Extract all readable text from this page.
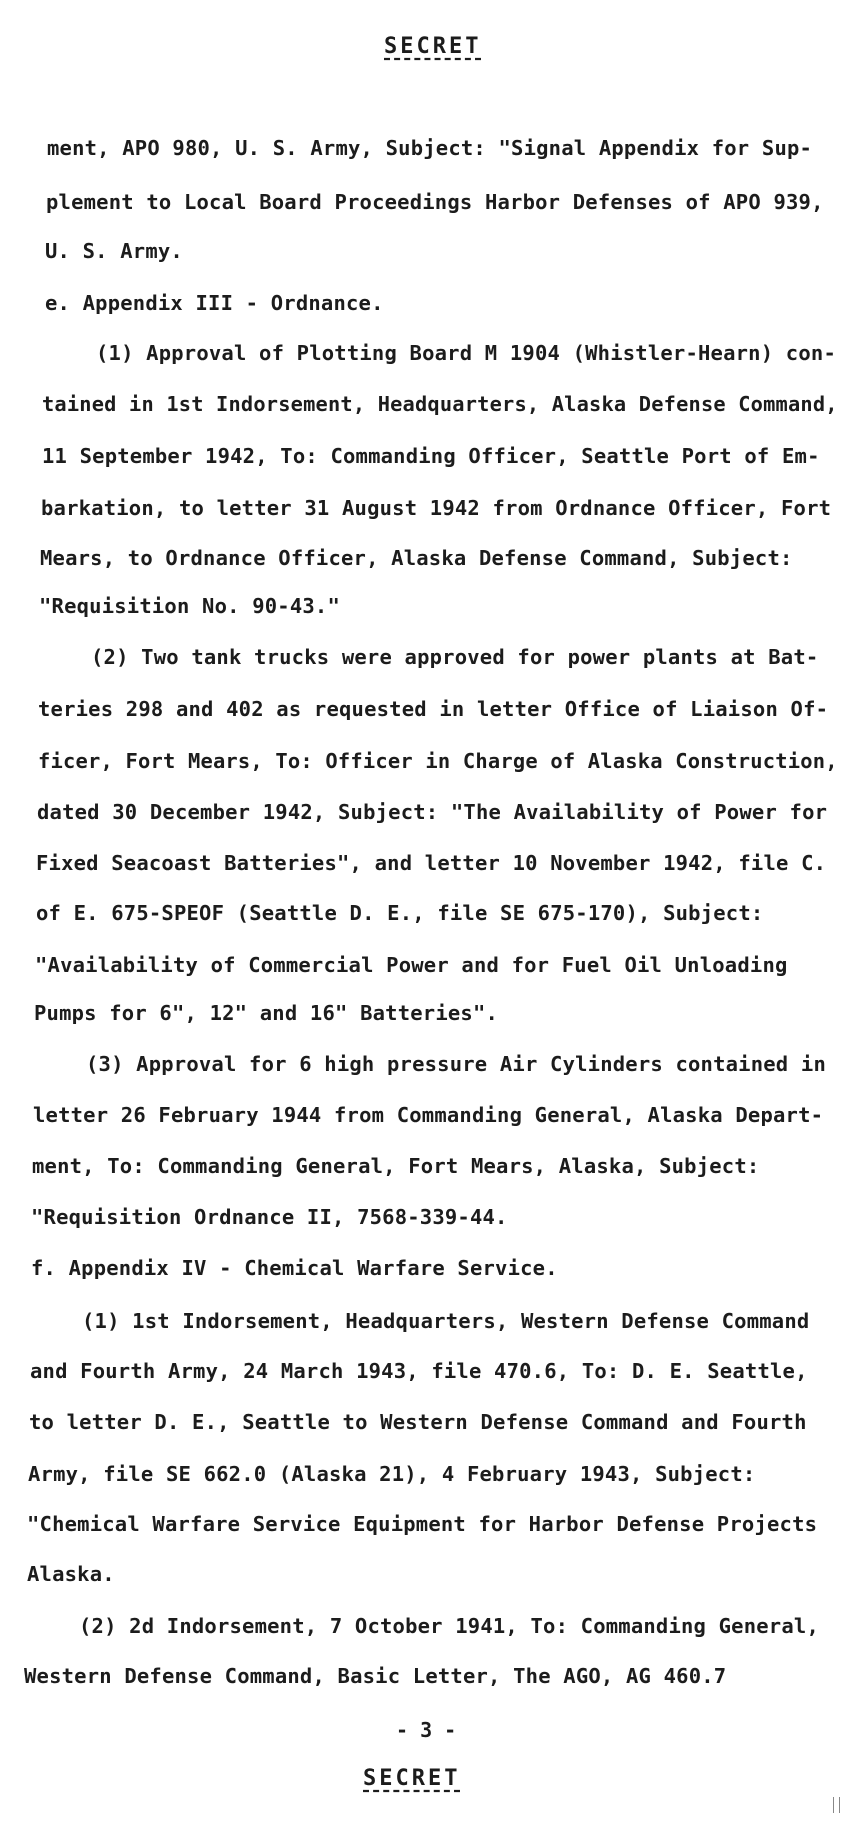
SECRET
ment, APO 980, U. S. Army, Subject: "Signal Appendix for Sup-
plement to Local Board Proceedings Harbor Defenses of APO 939,
U. S. Army.
e. Appendix III - Ordnance.
(1) Approval of Plotting Board M 1904 (Whistler-Hearn) con-
tained in 1st Indorsement, Headquarters, Alaska Defense Command,
11 September 1942, To: Commanding Officer, Seattle Port of Em-
barkation, to letter 31 August 1942 from Ordnance Officer, Fort
Mears, to Ordnance Officer, Alaska Defense Command, Subject:
"Requisition No. 90-43."
(2) Two tank trucks were approved for power plants at Bat-
teries 298 and 402 as requested in letter Office of Liaison Of-
ficer, Fort Mears, To: Officer in Charge of Alaska Construction,
dated 30 December 1942, Subject: "The Availability of Power for
Fixed Seacoast Batteries", and letter 10 November 1942, file C.
of E. 675-SPEOF (Seattle D. E., file SE 675-170), Subject:
"Availability of Commercial Power and for Fuel Oil Unloading
Pumps for 6", 12" and 16" Batteries".
(3) Approval for 6 high pressure Air Cylinders contained in
letter 26 February 1944 from Commanding General, Alaska Depart-
ment, To: Commanding General, Fort Mears, Alaska, Subject:
"Requisition Ordnance II, 7568-339-44.
f. Appendix IV - Chemical Warfare Service.
(1) 1st Indorsement, Headquarters, Western Defense Command
and Fourth Army, 24 March 1943, file 470.6, To: D. E. Seattle,
to letter D. E., Seattle to Western Defense Command and Fourth
Army, file SE 662.0 (Alaska 21), 4 February 1943, Subject:
"Chemical Warfare Service Equipment for Harbor Defense Projects
Alaska.
(2) 2d Indorsement, 7 October 1941, To: Commanding General,
Western Defense Command, Basic Letter, The AGO, AG 460.7
- 3 -
SECRET
